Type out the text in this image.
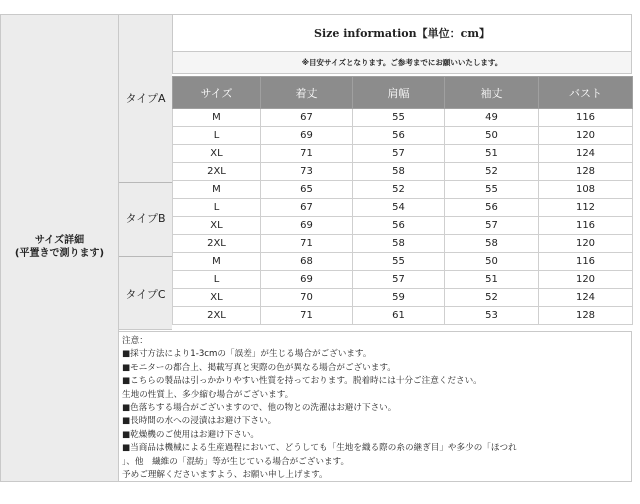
サイズ詳細
(平置きで測ります)
タイプA
タイプB
タイプC
Size information【単位：cm】
※目安サイズとなります。ご参考までにお願いいたします。
サイズ	着丈	肩幅	袖丈	バスト
M	67	55	49	116
L	69	56	50	120
XL	71	57	51	124
2XL	73	58	52	128
M	65	52	55	108
L	67	54	56	112
XL	69	56	57	116
2XL	71	58	58	120
M	68	55	50	116
L	69	57	51	120
XL	70	59	52	124
2XL	71	61	53	128
注意：
■採寸方法により1-3cmの「誤差」が生じる場合がございます。
■モニターの都合上、掲載写真と実際の色が異なる場合がございます。
■こちらの製品は引っかかりやすい性質を持っております。脱着時には十分ご注意ください。
生地の性質上、多少縮む場合がございます。
■色落ちする場合がございますので、他の物との洗濯はお避け下さい。
■長時間の水への浸漬はお避け下さい。
■乾燥機のご使用はお避け下さい。
■当商品は機械による生産過程において、どうしても「生地を織る際の糸の継ぎ目」や多少の「ほつれ
」、他　繊維の「混紡」等が生じている場合がございます。
予めご理解くださいますよう、お願い申し上げます。
